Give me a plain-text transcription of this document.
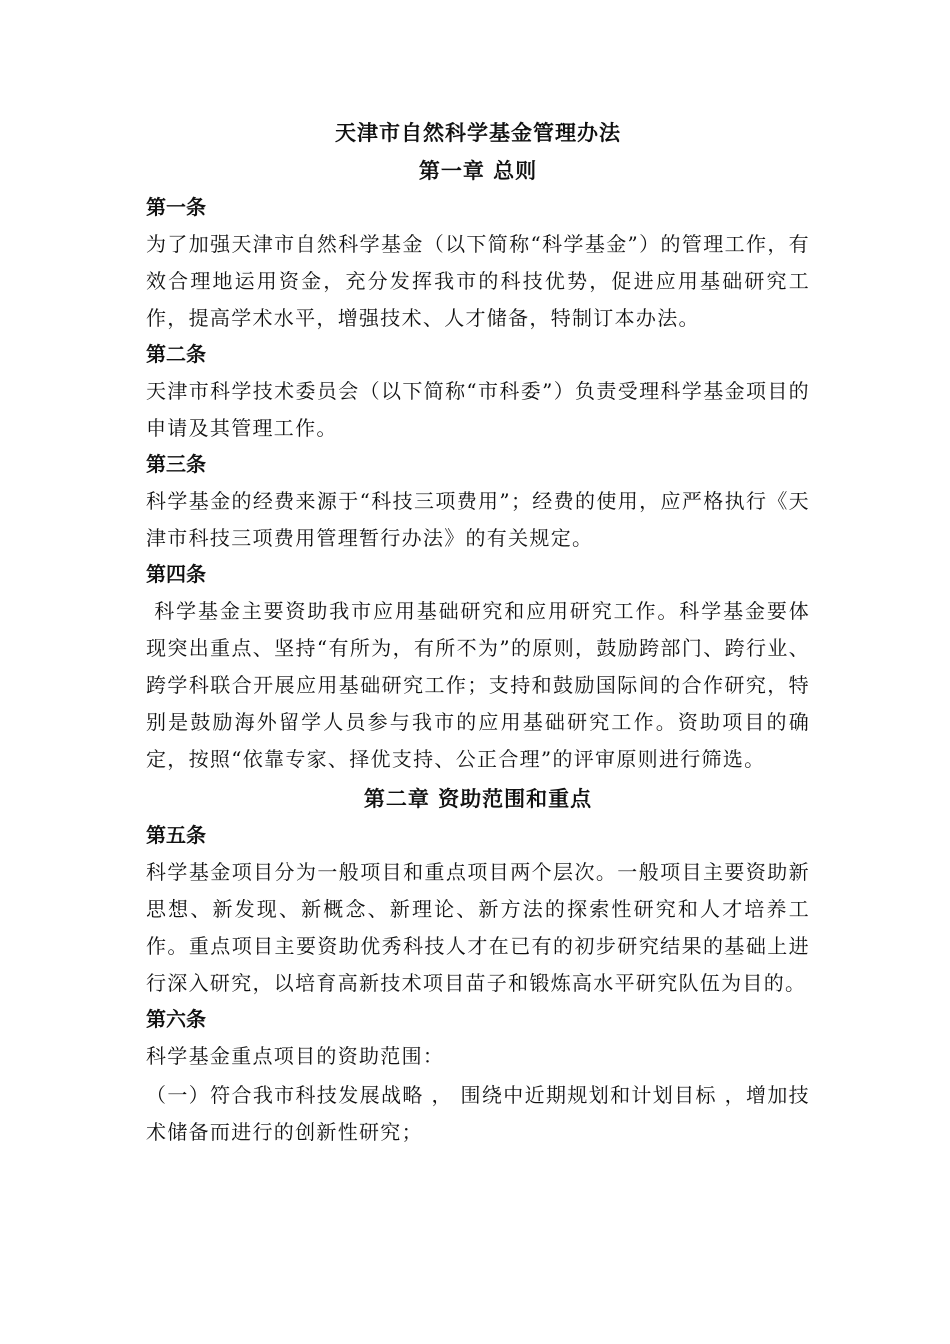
天津市自然科学基金管理办法
第一章 总则
第一条
为了加强天津市自然科学基金（以下简称“科学基金”）的管理工作，有效合理地运用资金，充分发挥我市的科技优势，促进应用基础研究工作，提高学术水平，增强技术、人才储备，特制订本办法。
第二条
天津市科学技术委员会（以下简称“市科委”）负责受理科学基金项目的申请及其管理工作。
第三条
科学基金的经费来源于“科技三项费用”；经费的使用，应严格执行《天津市科技三项费用管理暂行办法》的有关规定。
第四条
科学基金主要资助我市应用基础研究和应用研究工作。科学基金要体现突出重点、坚持“有所为，有所不为”的原则，鼓励跨部门、跨行业、跨学科联合开展应用基础研究工作；支持和鼓励国际间的合作研究，特别是鼓励海外留学人员参与我市的应用基础研究工作。资助项目的确定，按照“依靠专家、择优支持、公正合理”的评审原则进行筛选。
第二章 资助范围和重点
第五条
科学基金项目分为一般项目和重点项目两个层次。一般项目主要资助新思想、新发现、新概念、新理论、新方法的探索性研究和人才培养工作。重点项目主要资助优秀科技人才在已有的初步研究结果的基础上进行深入研究，以培育高新技术项目苗子和锻炼高水平研究队伍为目的。
第六条
科学基金重点项目的资助范围：
（一）符合我市科技发展战略 ， 围绕中近期规划和计划目标 ，增加技术储备而进行的创新性研究；
